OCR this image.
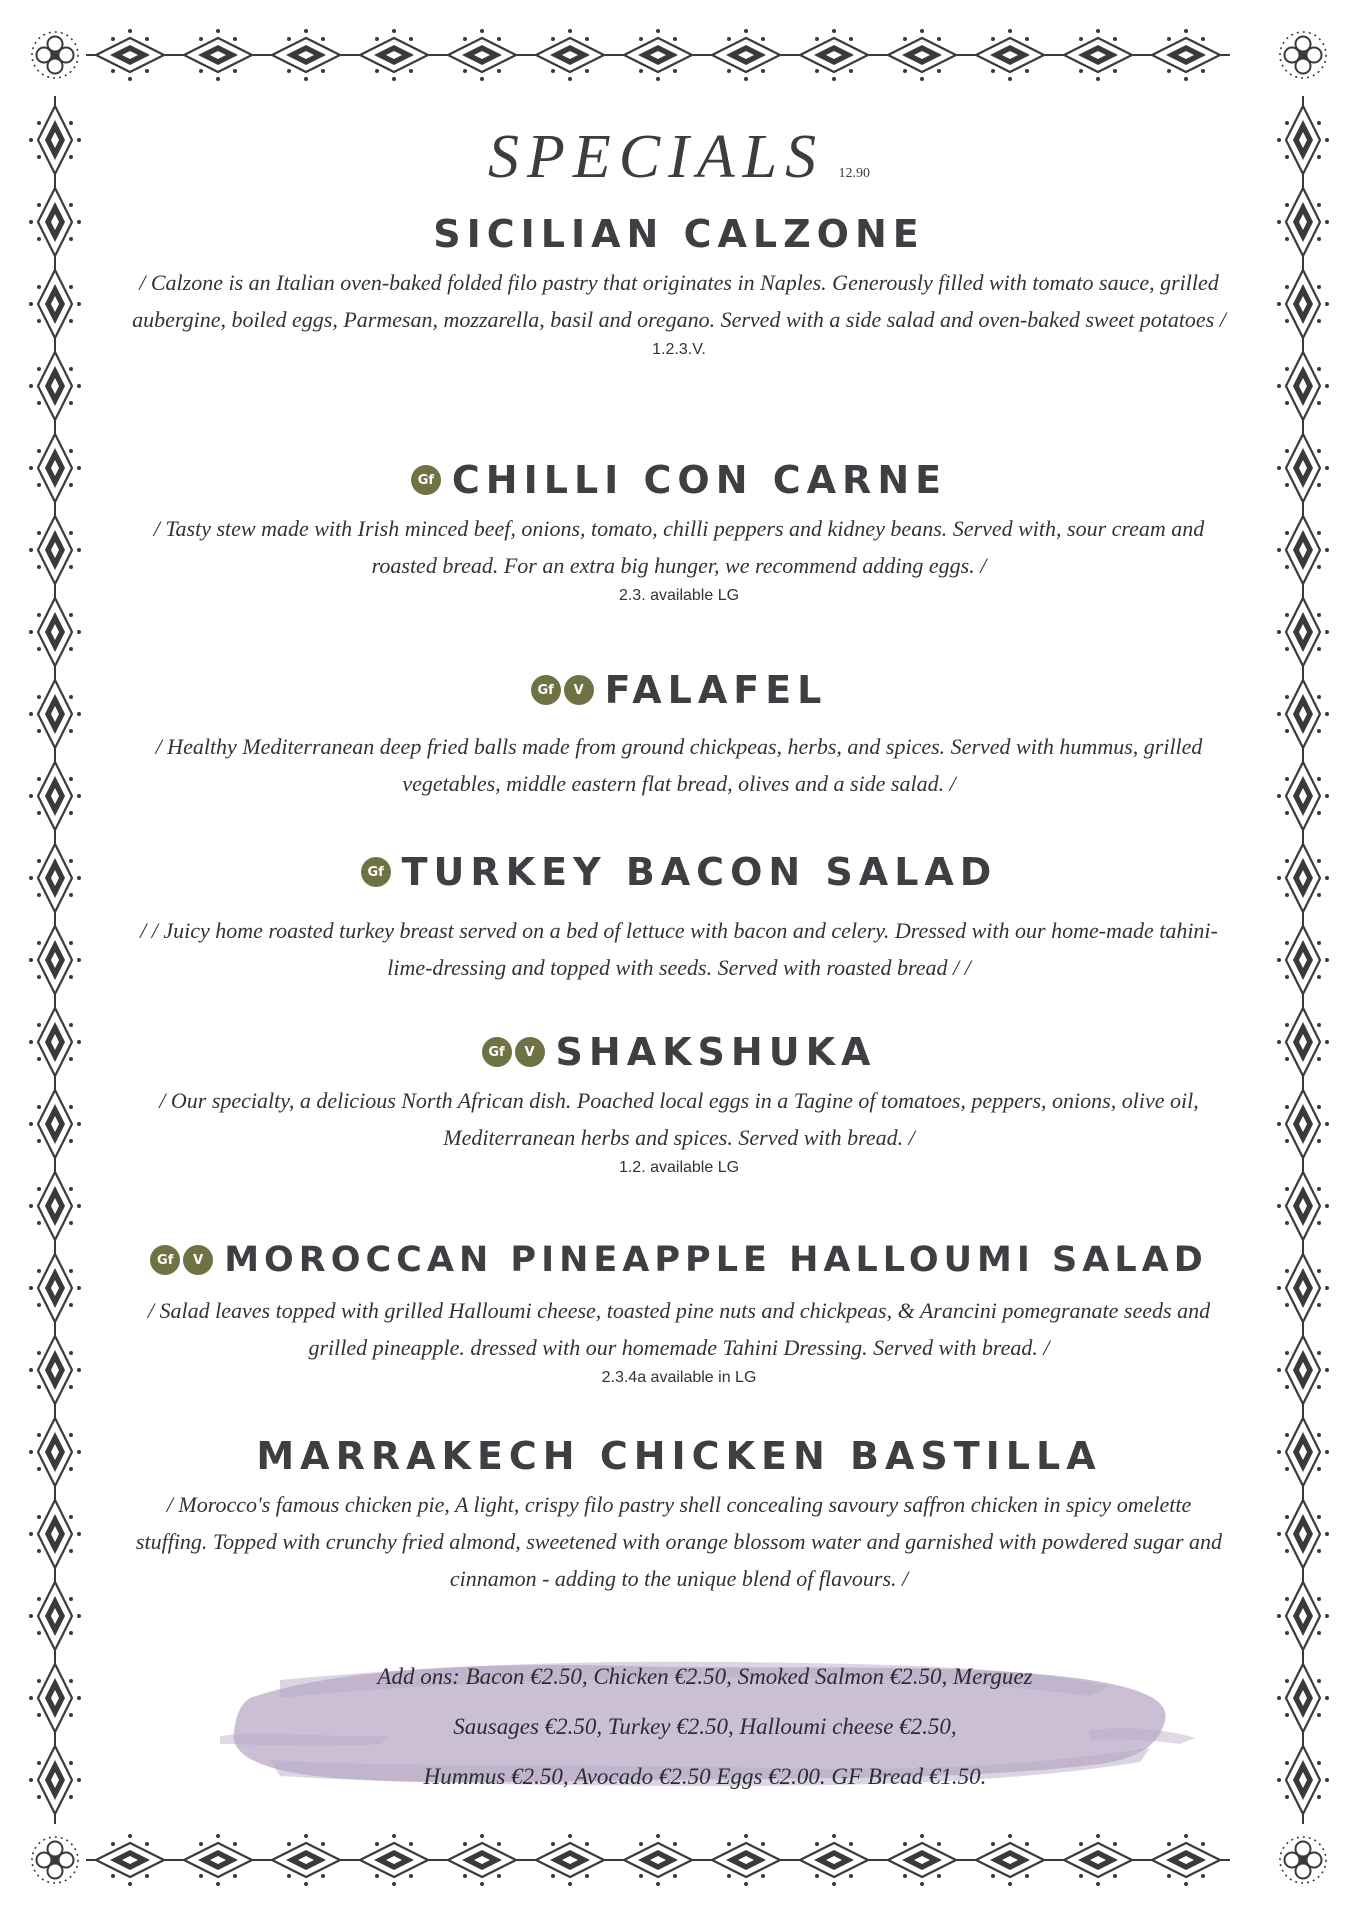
SPECIALS 12.90
SICILIAN CALZONE
/ Calzone is an Italian oven-baked folded filo pastry that originates in Naples. Generously filled with tomato sauce, grilled aubergine, boiled eggs, Parmesan, mozzarella, basil and oregano. Served with a side salad and oven-baked sweet potatoes /
1.2.3.V.
Gf CHILLI CON CARNE
/ Tasty stew made with Irish minced beef, onions, tomato, chilli peppers and kidney beans. Served with, sour cream and roasted bread. For an extra big hunger, we recommend adding eggs. /
2.3. available LG
Gf	V FALAFEL
/ Healthy Mediterranean deep fried balls made from ground chickpeas, herbs, and spices. Served with hummus, grilled vegetables, middle eastern flat bread, olives and a side salad. /
Gf TURKEY BACON SALAD
/ / Juicy home roasted turkey breast served on a bed of lettuce with bacon and celery. Dressed with our home-made tahini-lime-dressing and topped with seeds. Served with roasted bread / /
Gf	V SHAKSHUKA
/ Our specialty, a delicious North African dish. Poached local eggs in a Tagine of tomatoes, peppers, onions, olive oil, Mediterranean herbs and spices. Served with bread. /
1.2. available LG
Gf	V MOROCCAN PINEAPPLE HALLOUMI SALAD
/ Salad leaves topped with grilled Halloumi cheese, toasted pine nuts and chickpeas, & Arancini pomegranate seeds and grilled pineapple. dressed with our homemade Tahini Dressing. Served with bread. /
2.3.4a available in LG
MARRAKECH CHICKEN BASTILLA
/ Morocco's famous chicken pie, A light, crispy filo pastry shell concealing savoury saffron chicken in spicy omelette stuffing. Topped with crunchy fried almond, sweetened with orange blossom water and garnished with powdered sugar and cinnamon - adding to the unique blend of flavours. /
Add ons: Bacon €2.50, Chicken €2.50, Smoked Salmon €2.50, Merguez
Sausages €2.50, Turkey €2.50, Halloumi cheese €2.50,
Hummus €2.50, Avocado €2.50 Eggs €2.00. GF Bread €1.50.
